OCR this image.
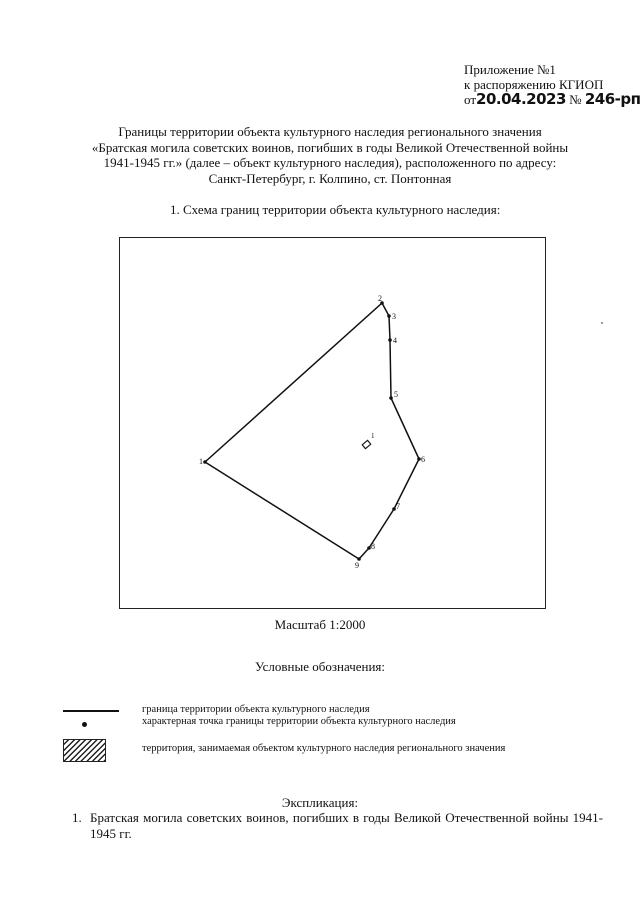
Приложение №1
к распоряжению КГИОП
от20.04.2023 № 246-рп
Границы территории объекта культурного наследия регионального значения
«Братская могила советских воинов, погибших в годы Великой Отечественной войны
1941-1945 гг.» (далее – объект культурного наследия), расположенного по адресу:
Санкт-Петербург, г. Колпино, ст. Понтонная
1. Схема границ территории объекта культурного наследия:
1
2
3
4
5
6
7
8
9
1
Масштаб 1:2000
Условные обозначения:
граница территории объекта культурного наследия
характерная точка границы территории объекта культурного наследия
территория, занимаемая объектом культурного наследия регионального значения
Экспликация:
1. Братская могила советских воинов, погибших в годы Великой Отечественной войны 1941-1945 гг.
